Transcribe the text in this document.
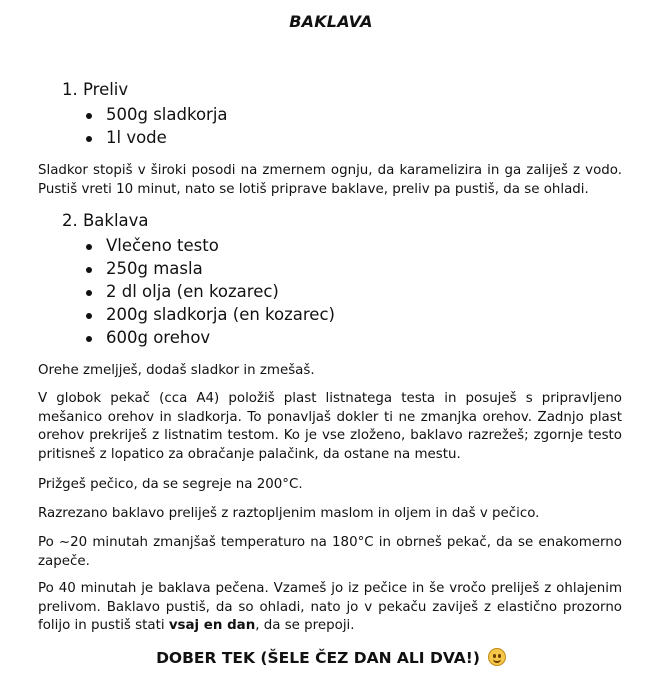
BAKLAVA
1. Preliv
500g sladkorja
1l vode

Sladkor stopiš v široki posodi na zmernem ognju, da karamelizira in ga zaliješ z vodo. Pustiš vreti 10 minut, nato se lotiš priprave baklave, preliv pa pustiš, da se ohladi.

2. Baklava
Vlečeno testo
250g masla
2 dl olja (en kozarec)
200g sladkorja (en kozarec)
600g orehov

Orehe zmeljješ, dodaš sladkor in zmešaš.

V globok pekač (cca A4) položiš plast listnatega testa in posuješ s pripravljeno mešanico orehov in sladkorja. To ponavljaš dokler ti ne zmanjka orehov. Zadnjo plast orehov prekriješ z listnatim testom. Ko je vse zloženo, baklavo razrežeš; zgornje testo pritisneš z lopatico za obračanje palačink, da ostane na mestu.

Prižgeš pečico, da se segreje na 200°C.

Razrezano baklavo preliješ z raztopljenim maslom in oljem in daš v pečico.

Po ~20 minutah zmanjšaš temperaturo na 180°C in obrneš pekač, da se enakomerno zapeče.

Po 40 minutah je baklava pečena. Vzameš jo iz pečice in še vročo preliješ z ohlajenim prelivom. Baklavo pustiš, da so ohladi, nato jo v pekaču zaviješ z elastično prozorno folijo in pustiš stati vsaj en dan, da se prepoji.

DOBER TEK (ŠELE ČEZ DAN ALI DVA!)
